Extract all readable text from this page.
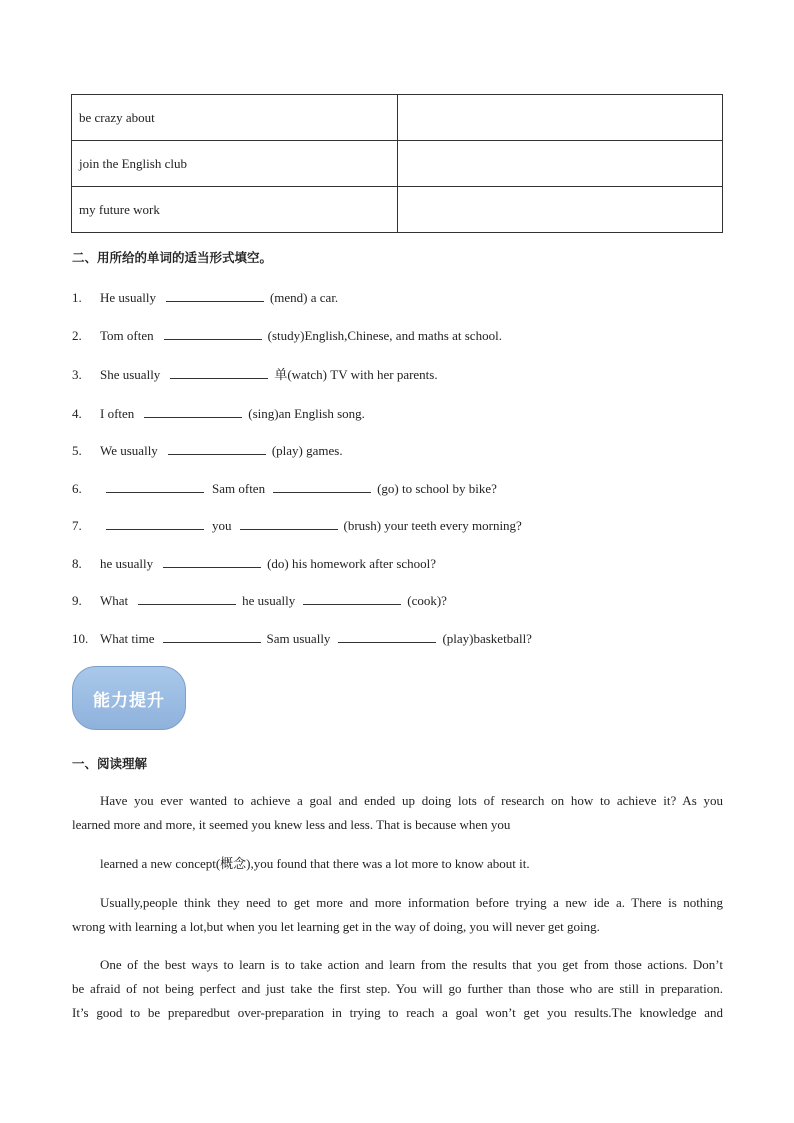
be crazy about	
join the English club	
my future work	
二、用所给的单词的适当形式填空。
1. He usually	(mend) a car.
2. Tom often	(study)English,Chinese, and maths at school.
3. She usually	单(watch) TV with her parents.
4. I often	(sing)an English song.
5. We usually	(play) games.
6.	Sam often	(go) to school by bike?
7.	you	(brush) your teeth every morning?
8. he usually	(do) his homework after school?
9. What	he usually	(cook)?
10. What time	Sam usually	(play)basketball?
能力提升
一、阅读理解
Have you ever wanted to achieve a goal and ended up doing lots of research on how to achieve it? As you
learned more and more, it seemed you knew less and less. That is because when you
learned a new concept(概念),you found that there was a lot more to know about it.
Usually,people think they need to get more and more information before trying a new ide a. There is nothing
wrong with learning a lot,but when you let learning get in the way of doing, you will never get going.
One of the best ways to learn is to take action and learn from the results that you get from those actions. Don’t
be afraid of not being perfect and just take the first step. You will go further than those who are still in preparation.
It’s good to be preparedbut over-preparation in trying to reach a goal won’t get you results.The knowledge and
